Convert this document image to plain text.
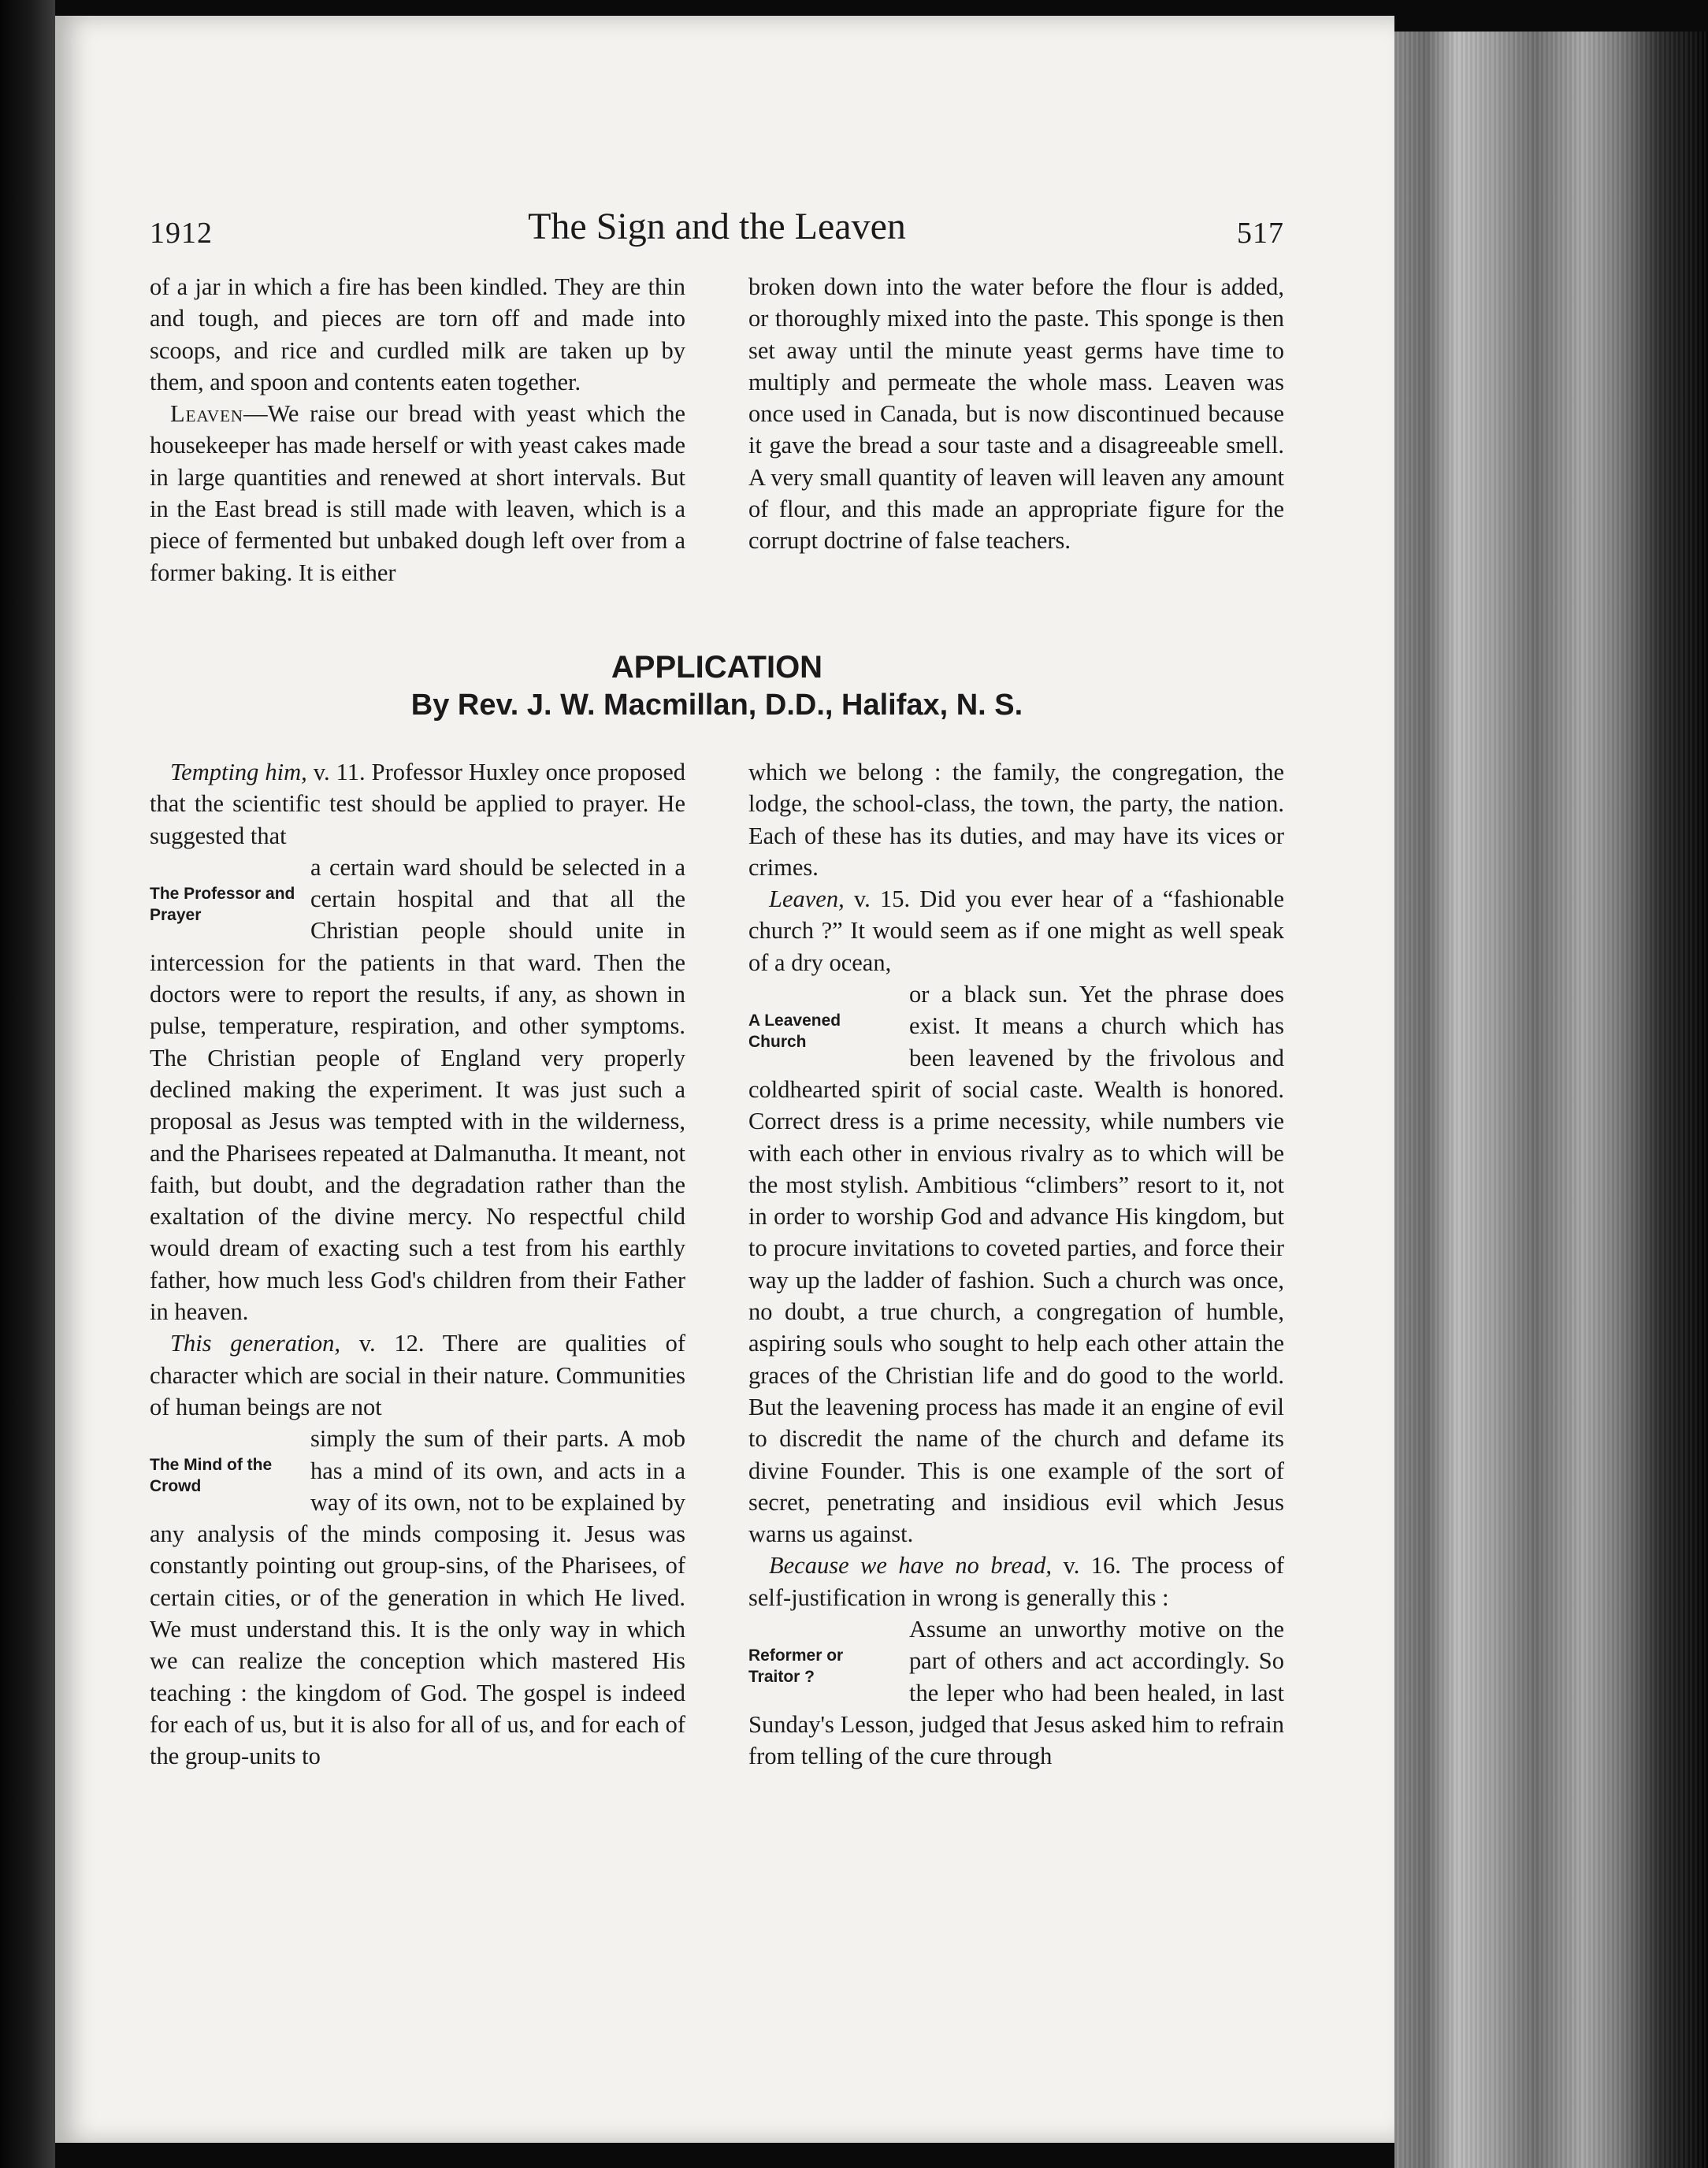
1912	The Sign and the Leaven	517

of a jar in which a fire has been kindled. They are thin and tough, and pieces are torn off and made into scoops, and rice and curdled milk are taken up by them, and spoon and contents eaten together.

Leaven—We raise our bread with yeast which the housekeeper has made herself or with yeast cakes made in large quantities and renewed at short intervals. But in the East bread is still made with leaven, which is a piece of fermented but unbaked dough left over from a former baking. It is either

broken down into the water before the flour is added, or thoroughly mixed into the paste. This sponge is then set away until the minute yeast germs have time to multiply and permeate the whole mass. Leaven was once used in Canada, but is now discontinued because it gave the bread a sour taste and a disagreeable smell. A very small quantity of leaven will leaven any amount of flour, and this made an appropriate figure for the corrupt doctrine of false teachers.

APPLICATION
By Rev. J. W. Macmillan, D.D., Halifax, N. S.

Tempting him, v. 11. Professor Huxley once proposed that the scientific test should be applied to prayer. He suggested that

The Professor and Prayer

a certain ward should be selected in a certain hospital and that all the Christian people should unite in intercession for the patients in that ward. Then the doctors were to report the results, if any, as shown in pulse, temperature, respiration, and other symptoms. The Christian people of England very properly declined making the experiment. It was just such a proposal as Jesus was tempted with in the wilderness, and the Pharisees repeated at Dalmanutha. It meant, not faith, but doubt, and the degradation rather than the exaltation of the divine mercy. No respectful child would dream of exacting such a test from his earthly father, how much less God's children from their Father in heaven.

This generation, v. 12. There are qualities of character which are social in their nature. Communities of human beings are not

The Mind of the Crowd

simply the sum of their parts. A mob has a mind of its own, and acts in a way of its own, not to be explained by any analysis of the minds composing it. Jesus was constantly pointing out group-sins, of the Pharisees, of certain cities, or of the generation in which He lived. We must understand this. It is the only way in which we can realize the conception which mastered His teaching : the kingdom of God. The gospel is indeed for each of us, but it is also for all of us, and for each of the group-units to

which we belong : the family, the congregation, the lodge, the school-class, the town, the party, the nation. Each of these has its duties, and may have its vices or crimes.

Leaven, v. 15. Did you ever hear of a “fashionable church ?” It would seem as if one might as well speak of a dry ocean,

A Leavened Church

or a black sun. Yet the phrase does exist. It means a church which has been leavened by the frivolous and coldhearted spirit of social caste. Wealth is honored. Correct dress is a prime necessity, while numbers vie with each other in envious rivalry as to which will be the most stylish. Ambitious “climbers” resort to it, not in order to worship God and advance His kingdom, but to procure invitations to coveted parties, and force their way up the ladder of fashion. Such a church was once, no doubt, a true church, a congregation of humble, aspiring souls who sought to help each other attain the graces of the Christian life and do good to the world. But the leavening process has made it an engine of evil to discredit the name of the church and defame its divine Founder. This is one example of the sort of secret, penetrating and insidious evil which Jesus warns us against.

Because we have no bread, v. 16. The process of self-justification in wrong is generally this :

Reformer or Traitor ?

Assume an unworthy motive on the part of others and act accordingly. So the leper who had been healed, in last Sunday's Lesson, judged that Jesus asked him to refrain from telling of the cure through
